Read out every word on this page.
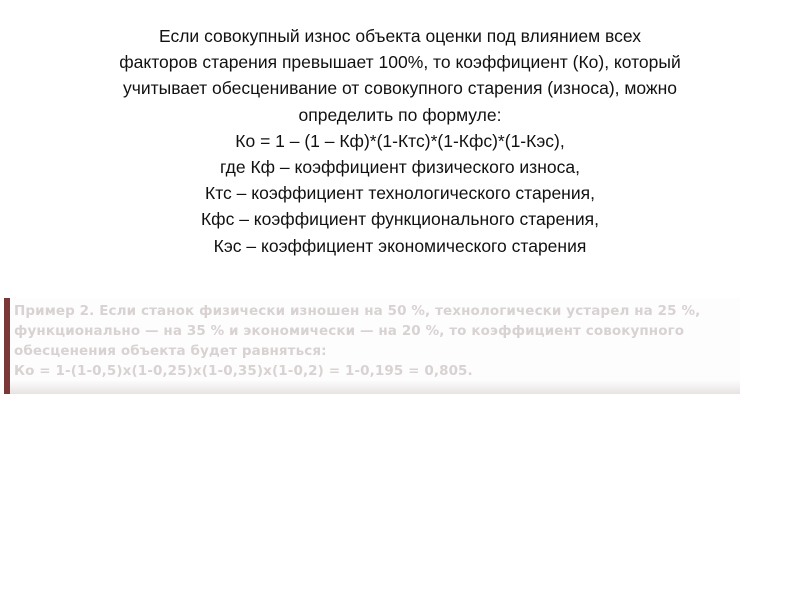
Если совокупный износ объекта оценки под влиянием всех
факторов старения превышает 100%, то коэффициент (Ко), который
учитывает обесценивание от совокупного старения (износа), можно
определить по формуле:
Ко = 1 – (1 – Кф)*(1-Ктс)*(1-Кфс)*(1-Кэс),
где Кф – коэффициент физического износа,
Ктс – коэффициент технологического старения,
Кфс – коэффициент функционального старения,
Кэс – коэффициент экономического старения
Пример 2. Если станок физически изношен на 50 %, технологически устарел на 25 %,
функционально — на 35 % и экономически — на 20 %, то коэффициент совокупного
обесценения объекта будет равняться:
Ко = 1-(1-0,5)х(1-0,25)х(1-0,35)х(1-0,2) = 1-0,195 = 0,805.
